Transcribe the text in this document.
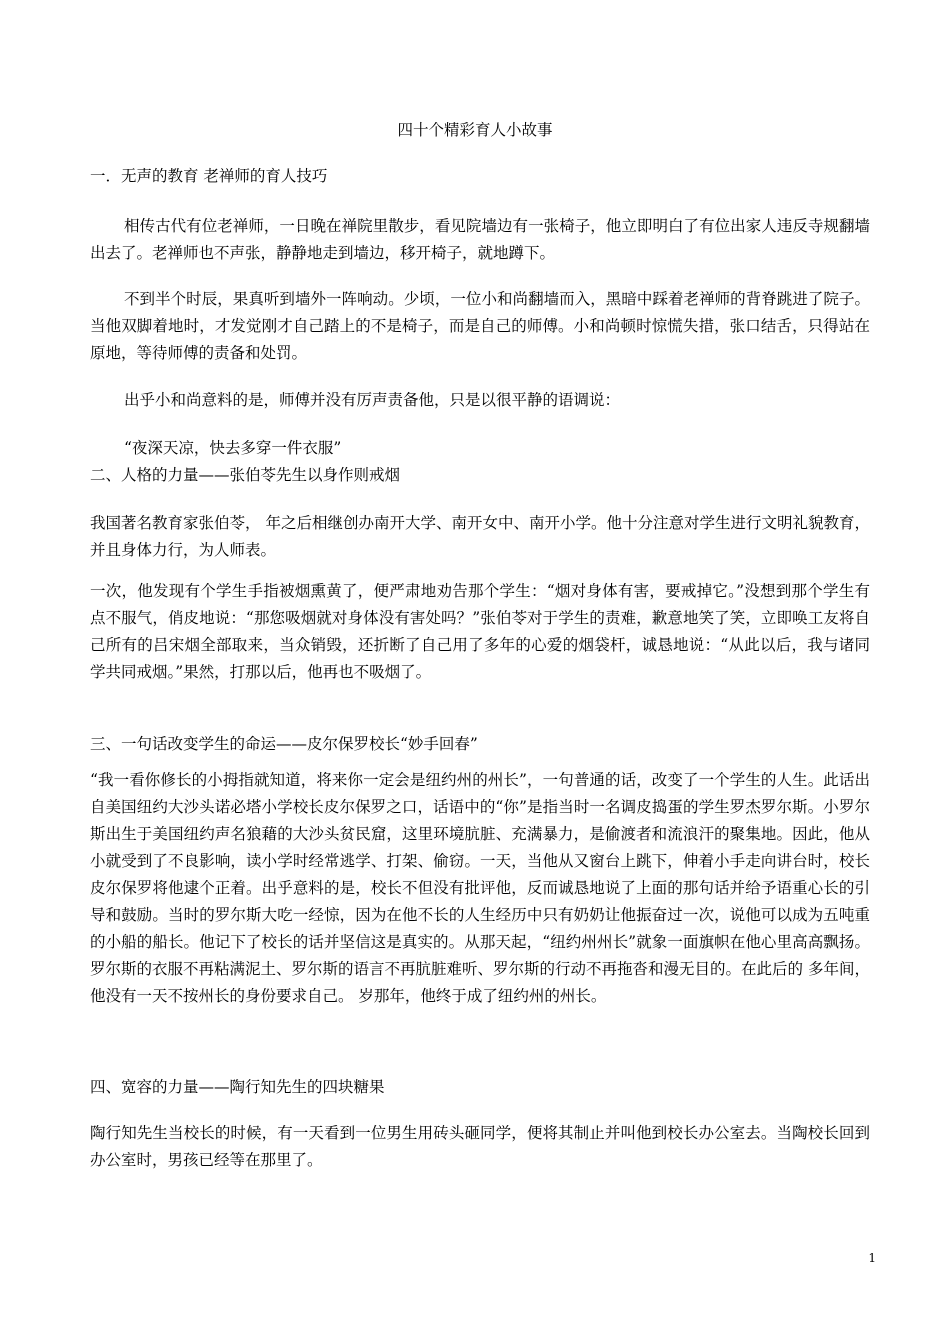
四十个精彩育人小故事
一．无声的教育 老禅师的育人技巧
相传古代有位老禅师，一日晚在禅院里散步，看见院墙边有一张椅子，他立即明白了有位出家人违反寺规翻墙出去了。老禅师也不声张，静静地走到墙边，移开椅子，就地蹲下。
不到半个时辰，果真听到墙外一阵响动。少顷，一位小和尚翻墙而入，黑暗中踩着老禅师的背脊跳进了院子。当他双脚着地时，才发觉刚才自己踏上的不是椅子，而是自己的师傅。小和尚顿时惊慌失措，张口结舌，只得站在原地，等待师傅的责备和处罚。
出乎小和尚意料的是，师傅并没有厉声责备他，只是以很平静的语调说：
“夜深天凉，快去多穿一件衣服”
二、人格的力量——张伯苓先生以身作则戒烟
我国著名教育家张伯苓， 年之后相继创办南开大学、南开女中、南开小学。他十分注意对学生进行文明礼貌教育，并且身体力行，为人师表。
一次，他发现有个学生手指被烟熏黄了，便严肃地劝告那个学生：“烟对身体有害，要戒掉它。”没想到那个学生有点不服气，俏皮地说：“那您吸烟就对身体没有害处吗？”张伯苓对于学生的责难，歉意地笑了笑，立即唤工友将自己所有的吕宋烟全部取来，当众销毁，还折断了自己用了多年的心爱的烟袋杆，诚恳地说：“从此以后，我与诸同学共同戒烟。”果然，打那以后，他再也不吸烟了。
三、一句话改变学生的命运——皮尔保罗校长“妙手回春”
“我一看你修长的小拇指就知道，将来你一定会是纽约州的州长”，一句普通的话，改变了一个学生的人生。此话出自美国纽约大沙头诺必塔小学校长皮尔保罗之口，话语中的“你”是指当时一名调皮捣蛋的学生罗杰罗尔斯。小罗尔斯出生于美国纽约声名狼藉的大沙头贫民窟，这里环境肮脏、充满暴力，是偷渡者和流浪汗的聚集地。因此，他从小就受到了不良影响，读小学时经常逃学、打架、偷窃。一天，当他从又窗台上跳下，伸着小手走向讲台时，校长皮尔保罗将他逮个正着。出乎意料的是，校长不但没有批评他，反而诚恳地说了上面的那句话并给予语重心长的引导和鼓励。当时的罗尔斯大吃一经惊，因为在他不长的人生经历中只有奶奶让他振奋过一次，说他可以成为五吨重的小船的船长。他记下了校长的话并坚信这是真实的。从那天起，“纽约州州长”就象一面旗帜在他心里高高飘扬。罗尔斯的衣服不再粘满泥土、罗尔斯的语言不再肮脏难听、罗尔斯的行动不再拖沓和漫无目的。在此后的 多年间，他没有一天不按州长的身份要求自己。 岁那年，他终于成了纽约州的州长。
四、宽容的力量——陶行知先生的四块糖果
陶行知先生当校长的时候，有一天看到一位男生用砖头砸同学，便将其制止并叫他到校长办公室去。当陶校长回到办公室时，男孩已经等在那里了。
1
